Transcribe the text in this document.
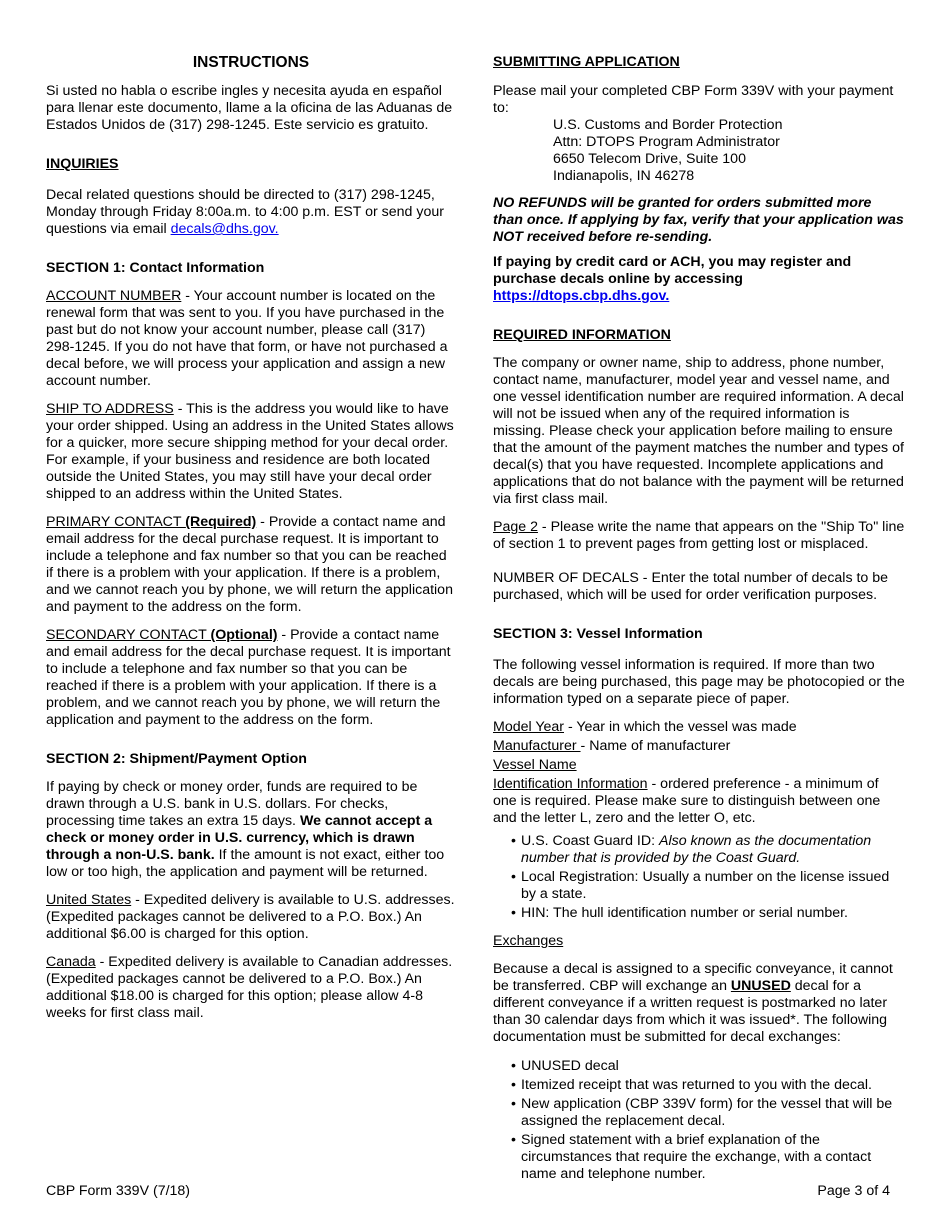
INSTRUCTIONS

Si usted no habla o escribe ingles y necesita ayuda en español para llenar este documento, llame a la oficina de las Aduanas de Estados Unidos de (317) 298-1245. Este servicio es gratuito.

INQUIRIES

Decal related questions should be directed to (317) 298-1245, Monday through Friday 8:00a.m. to 4:00 p.m. EST or send your questions via email decals@dhs.gov.

SECTION 1: Contact Information

ACCOUNT NUMBER - Your account number is located on the renewal form that was sent to you. If you have purchased in the past but do not know your account number, please call (317) 298-1245. If you do not have that form, or have not purchased a decal before, we will process your application and assign a new account number.

SHIP TO ADDRESS - This is the address you would like to have your order shipped. Using an address in the United States allows for a quicker, more secure shipping method for your decal order. For example, if your business and residence are both located outside the United States, you may still have your decal order shipped to an address within the United States.

PRIMARY CONTACT (Required) - Provide a contact name and email address for the decal purchase request. It is important to include a telephone and fax number so that you can be reached if there is a problem with your application. If there is a problem, and we cannot reach you by phone, we will return the application and payment to the address on the form.

SECONDARY CONTACT (Optional) - Provide a contact name and email address for the decal purchase request. It is important to include a telephone and fax number so that you can be reached if there is a problem with your application. If there is a problem, and we cannot reach you by phone, we will return the application and payment to the address on the form.

SECTION 2: Shipment/Payment Option

If paying by check or money order, funds are required to be drawn through a U.S. bank in U.S. dollars. For checks, processing time takes an extra 15 days. We cannot accept a check or money order in U.S. currency, which is drawn through a non-U.S. bank. If the amount is not exact, either too low or too high, the application and payment will be returned.

United States - Expedited delivery is available to U.S. addresses. (Expedited packages cannot be delivered to a P.O. Box.) An additional $6.00 is charged for this option.

Canada - Expedited delivery is available to Canadian addresses. (Expedited packages cannot be delivered to a P.O. Box.) An additional $18.00 is charged for this option; please allow 4-8 weeks for first class mail.

SUBMITTING APPLICATION

Please mail your completed CBP Form 339V with your payment to:

U.S. Customs and Border Protection

Attn: DTOPS Program Administrator

6650 Telecom Drive, Suite 100

Indianapolis, IN 46278

NO REFUNDS will be granted for orders submitted more than once. If applying by fax, verify that your application was NOT received before re-sending.

If paying by credit card or ACH, you may register and purchase decals online by accessing https://dtops.cbp.dhs.gov.

REQUIRED INFORMATION

The company or owner name, ship to address, phone number, contact name, manufacturer, model year and vessel name, and one vessel identification number are required information. A decal will not be issued when any of the required information is missing. Please check your application before mailing to ensure that the amount of the payment matches the number and types of decal(s) that you have requested. Incomplete applications and applications that do not balance with the payment will be returned via first class mail.

Page 2 - Please write the name that appears on the "Ship To" line of section 1 to prevent pages from getting lost or misplaced.

NUMBER OF DECALS - Enter the total number of decals to be purchased, which will be used for order verification purposes.

SECTION 3: Vessel Information

The following vessel information is required. If more than two decals are being purchased, this page may be photocopied or the information typed on a separate piece of paper.

Model Year - Year in which the vessel was made

Manufacturer - Name of manufacturer

Vessel Name

Identification Information - ordered preference - a minimum of one is required. Please make sure to distinguish between one and the letter L, zero and the letter O, etc.

• U.S. Coast Guard ID: Also known as the documentation number that is provided by the Coast Guard.
• Local Registration: Usually a number on the license issued by a state.
• HIN: The hull identification number or serial number.

Exchanges

Because a decal is assigned to a specific conveyance, it cannot be transferred. CBP will exchange an UNUSED decal for a different conveyance if a written request is postmarked no later than 30 calendar days from which it was issued*. The following documentation must be submitted for decal exchanges:

• UNUSED decal
• Itemized receipt that was returned to you with the decal.
• New application (CBP 339V form) for the vessel that will be assigned the replacement decal.
• Signed statement with a brief explanation of the circumstances that require the exchange, with a contact name and telephone number.
CBP Form 339V (7/18)	Page 3 of 4
